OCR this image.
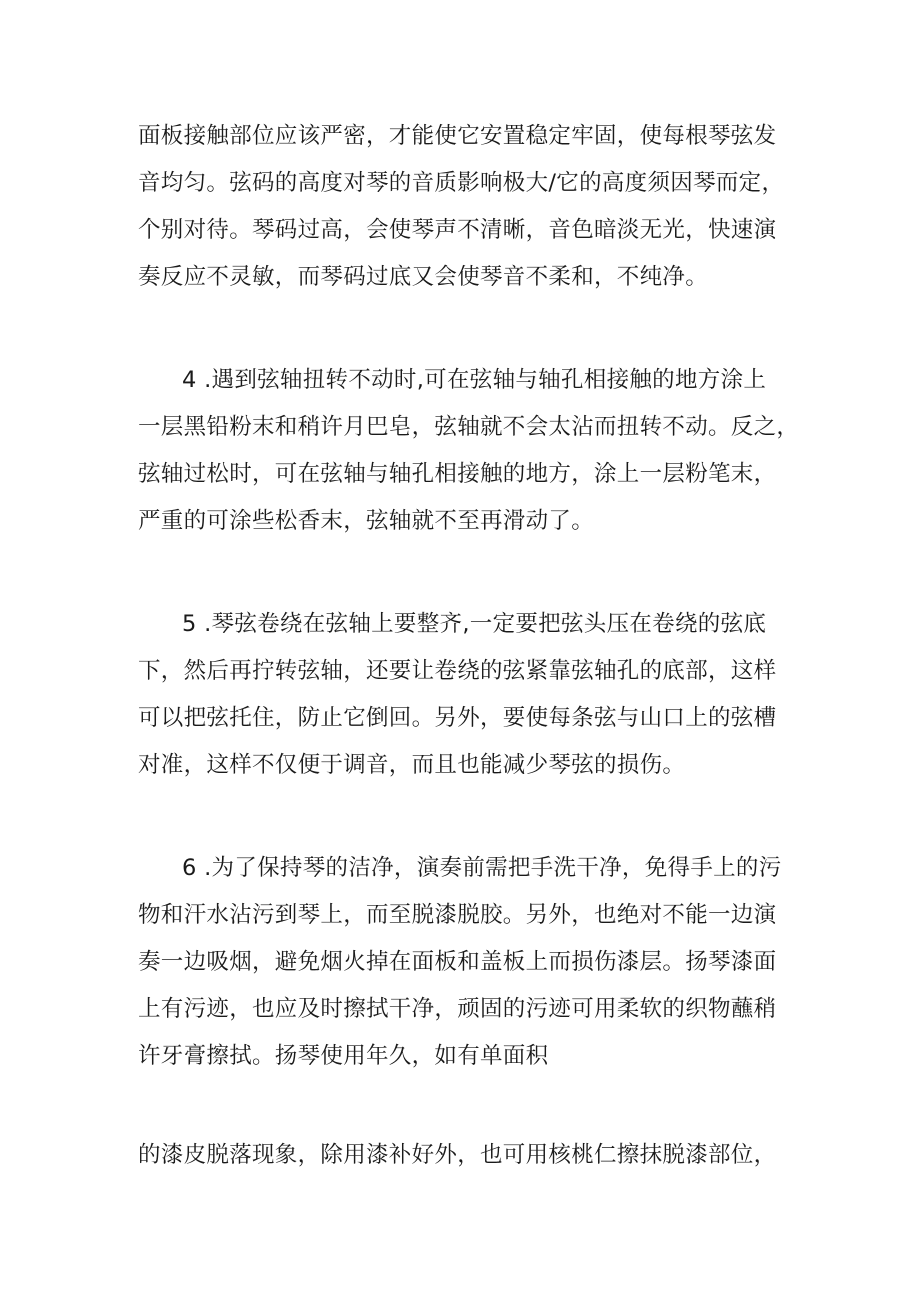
面板接触部位应该严密，才能使它安置稳定牢固，使每根琴弦发
音均匀。弦码的高度对琴的音质影响极大/它的高度须因琴而定，
个别对待。琴码过高，会使琴声不清晰，音色暗淡无光，快速演
奏反应不灵敏，而琴码过底又会使琴音不柔和，不纯净。
4 .遇到弦轴扭转不动时,可在弦轴与轴孔相接触的地方涂上
一层黑铅粉末和稍许月巴皂，弦轴就不会太沾而扭转不动。反之，
弦轴过松时，可在弦轴与轴孔相接触的地方，涂上一层粉笔末，
严重的可涂些松香末，弦轴就不至再滑动了。
5 .琴弦卷绕在弦轴上要整齐,一定要把弦头压在卷绕的弦底
下，然后再拧转弦轴，还要让卷绕的弦紧靠弦轴孔的底部，这样
可以把弦托住，防止它倒回。另外，要使每条弦与山口上的弦槽
对准，这样不仅便于调音，而且也能减少琴弦的损伤。
6 .为了保持琴的洁净，演奏前需把手洗干净，免得手上的污
物和汗水沾污到琴上，而至脱漆脱胶。另外，也绝对不能一边演
奏一边吸烟，避免烟火掉在面板和盖板上而损伤漆层。扬琴漆面
上有污迹，也应及时擦拭干净，顽固的污迹可用柔软的织物蘸稍
许牙膏擦拭。扬琴使用年久，如有单面积
的漆皮脱落现象，除用漆补好外，也可用核桃仁擦抹脱漆部位，
